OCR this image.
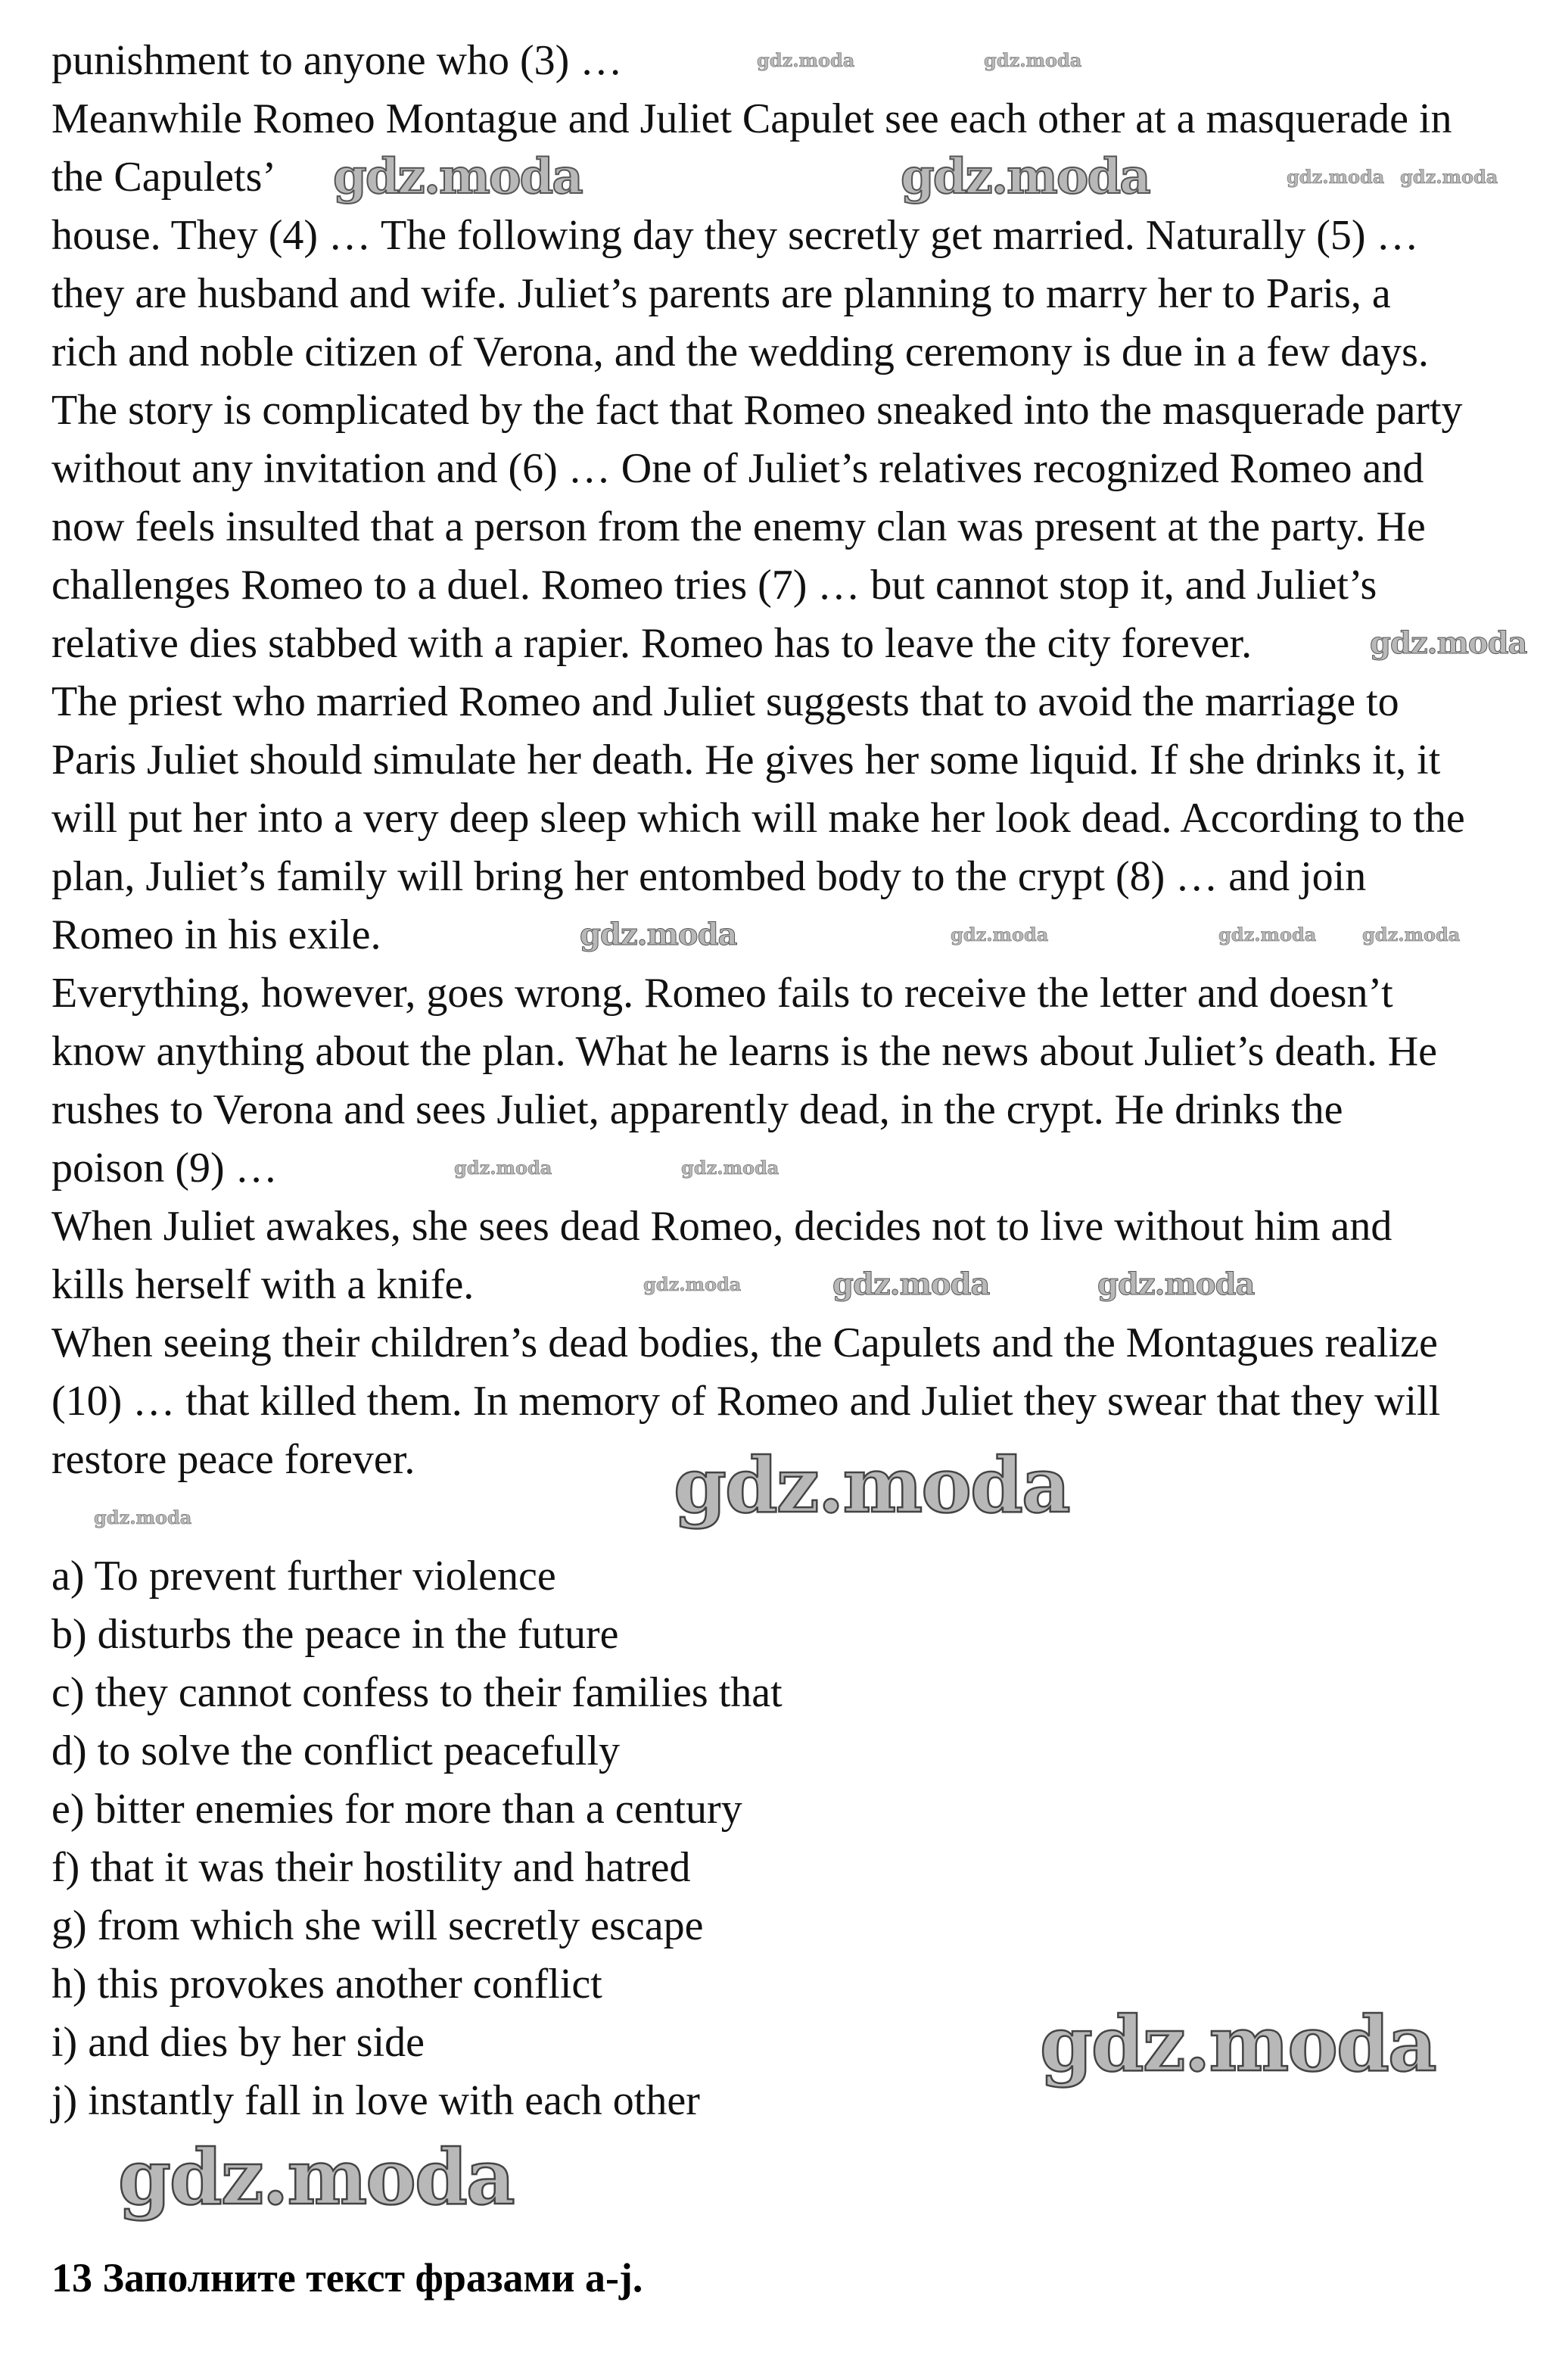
punishment to anyone who (3) …
Meanwhile Romeo Montague and Juliet Capulet see each other at a masquerade in
the Capulets’
house. They (4) … The following day they secretly get married. Naturally (5) …
they are husband and wife. Juliet’s parents are planning to marry her to Paris, a
rich and noble citizen of Verona, and the wedding ceremony is due in a few days.
The story is complicated by the fact that Romeo sneaked into the masquerade party
without any invitation and (6) … One of Juliet’s relatives recognized Romeo and
now feels insulted that a person from the enemy clan was present at the party. He
challenges Romeo to a duel. Romeo tries (7) … but cannot stop it, and Juliet’s
relative dies stabbed with a rapier. Romeo has to leave the city forever.
The priest who married Romeo and Juliet suggests that to avoid the marriage to
Paris Juliet should simulate her death. He gives her some liquid. If she drinks it, it
will put her into a very deep sleep which will make her look dead. According to the
plan, Juliet’s family will bring her entombed body to the crypt (8) … and join
Romeo in his exile.
Everything, however, goes wrong. Romeo fails to receive the letter and doesn’t
know anything about the plan. What he learns is the news about Juliet’s death. He
rushes to Verona and sees Juliet, apparently dead, in the crypt. He drinks the
poison (9) …
When Juliet awakes, she sees dead Romeo, decides not to live without him and
kills herself with a knife.
When seeing their children’s dead bodies, the Capulets and the Montagues realize
(10) … that killed them. In memory of Romeo and Juliet they swear that they will
restore peace forever.
a) To prevent further violence
b) disturbs the peace in the future
c) they cannot confess to their families that
d) to solve the conflict peacefully
e) bitter enemies for more than a century
f) that it was their hostility and hatred
g) from which she will secretly escape
h) this provokes another conflict
i) and dies by her side
j) instantly fall in love with each other
13 Заполните текст фразами a-j.
gdz.moda	gdz.moda
gdz.moda	gdz.moda	gdz.moda gdz.moda
gdz.moda
gdz.moda	gdz.moda	gdz.moda	gdz.moda
gdz.moda	gdz.moda
gdz.moda	gdz.moda	gdz.moda
gdz.moda
gdz.moda
gdz.moda
gdz.moda
